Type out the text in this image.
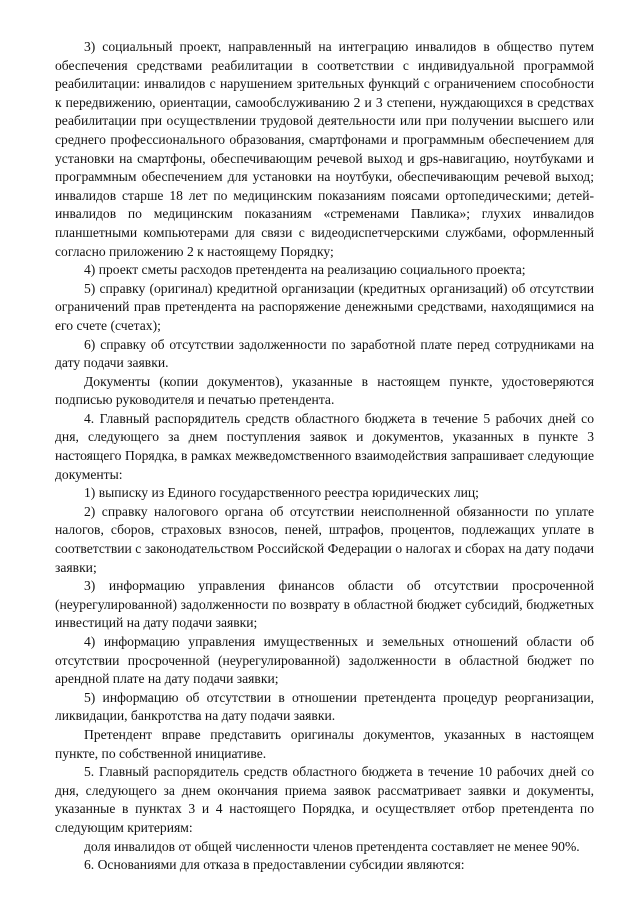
3) социальный проект, направленный на интеграцию инвалидов в общество путем обеспечения средствами реабилитации в соответствии с индивидуальной программой реабилитации: инвалидов с нарушением зрительных функций с ограничением способности к передвижению, ориентации, самообслуживанию 2 и 3 степени, нуждающихся в средствах реабилитации при осуществлении трудовой деятельности или при получении высшего или среднего профессионального образования, смартфонами и программным обеспечением для установки на смартфоны, обеспечивающим речевой выход и gps-навигацию, ноутбуками и программным обеспечением для установки на ноутбуки, обеспечивающим речевой выход; инвалидов старше 18 лет по медицинским показаниям поясами ортопедическими; детей-инвалидов по медицинским показаниям «стременами Павлика»; глухих инвалидов планшетными компьютерами для связи с видеодиспетчерскими службами, оформленный согласно приложению 2 к настоящему Порядку;

4) проект сметы расходов претендента на реализацию социального проекта;

5) справку (оригинал) кредитной организации (кредитных организаций) об отсутствии ограничений прав претендента на распоряжение денежными средствами, находящимися на его счете (счетах);

6) справку об отсутствии задолженности по заработной плате перед сотрудниками на дату подачи заявки.

Документы (копии документов), указанные в настоящем пункте, удостоверяются подписью руководителя и печатью претендента.

4. Главный распорядитель средств областного бюджета в течение 5 рабочих дней со дня, следующего за днем поступления заявок и документов, указанных в пункте 3 настоящего Порядка, в рамках межведомственного взаимодействия запрашивает следующие документы:

1) выписку из Единого государственного реестра юридических лиц;

2) справку налогового органа об отсутствии неисполненной обязанности по уплате налогов, сборов, страховых взносов, пеней, штрафов, процентов, подлежащих уплате в соответствии с законодательством Российской Федерации о налогах и сборах на дату подачи заявки;

3) информацию управления финансов области об отсутствии просроченной (неурегулированной) задолженности по возврату в областной бюджет субсидий, бюджетных инвестиций на дату подачи заявки;

4) информацию управления имущественных и земельных отношений области об отсутствии просроченной (неурегулированной) задолженности в областной бюджет по арендной плате на дату подачи заявки;

5) информацию об отсутствии в отношении претендента процедур реорганизации, ликвидации, банкротства на дату подачи заявки.

Претендент вправе представить оригиналы документов, указанных в настоящем пункте, по собственной инициативе.

5. Главный распорядитель средств областного бюджета в течение 10 рабочих дней со дня, следующего за днем окончания приема заявок рассматривает заявки и документы, указанные в пунктах 3 и 4 настоящего Порядка, и осуществляет отбор претендента по следующим критериям:

доля инвалидов от общей численности членов претендента составляет не менее 90%.

6. Основаниями для отказа в предоставлении субсидии являются:
